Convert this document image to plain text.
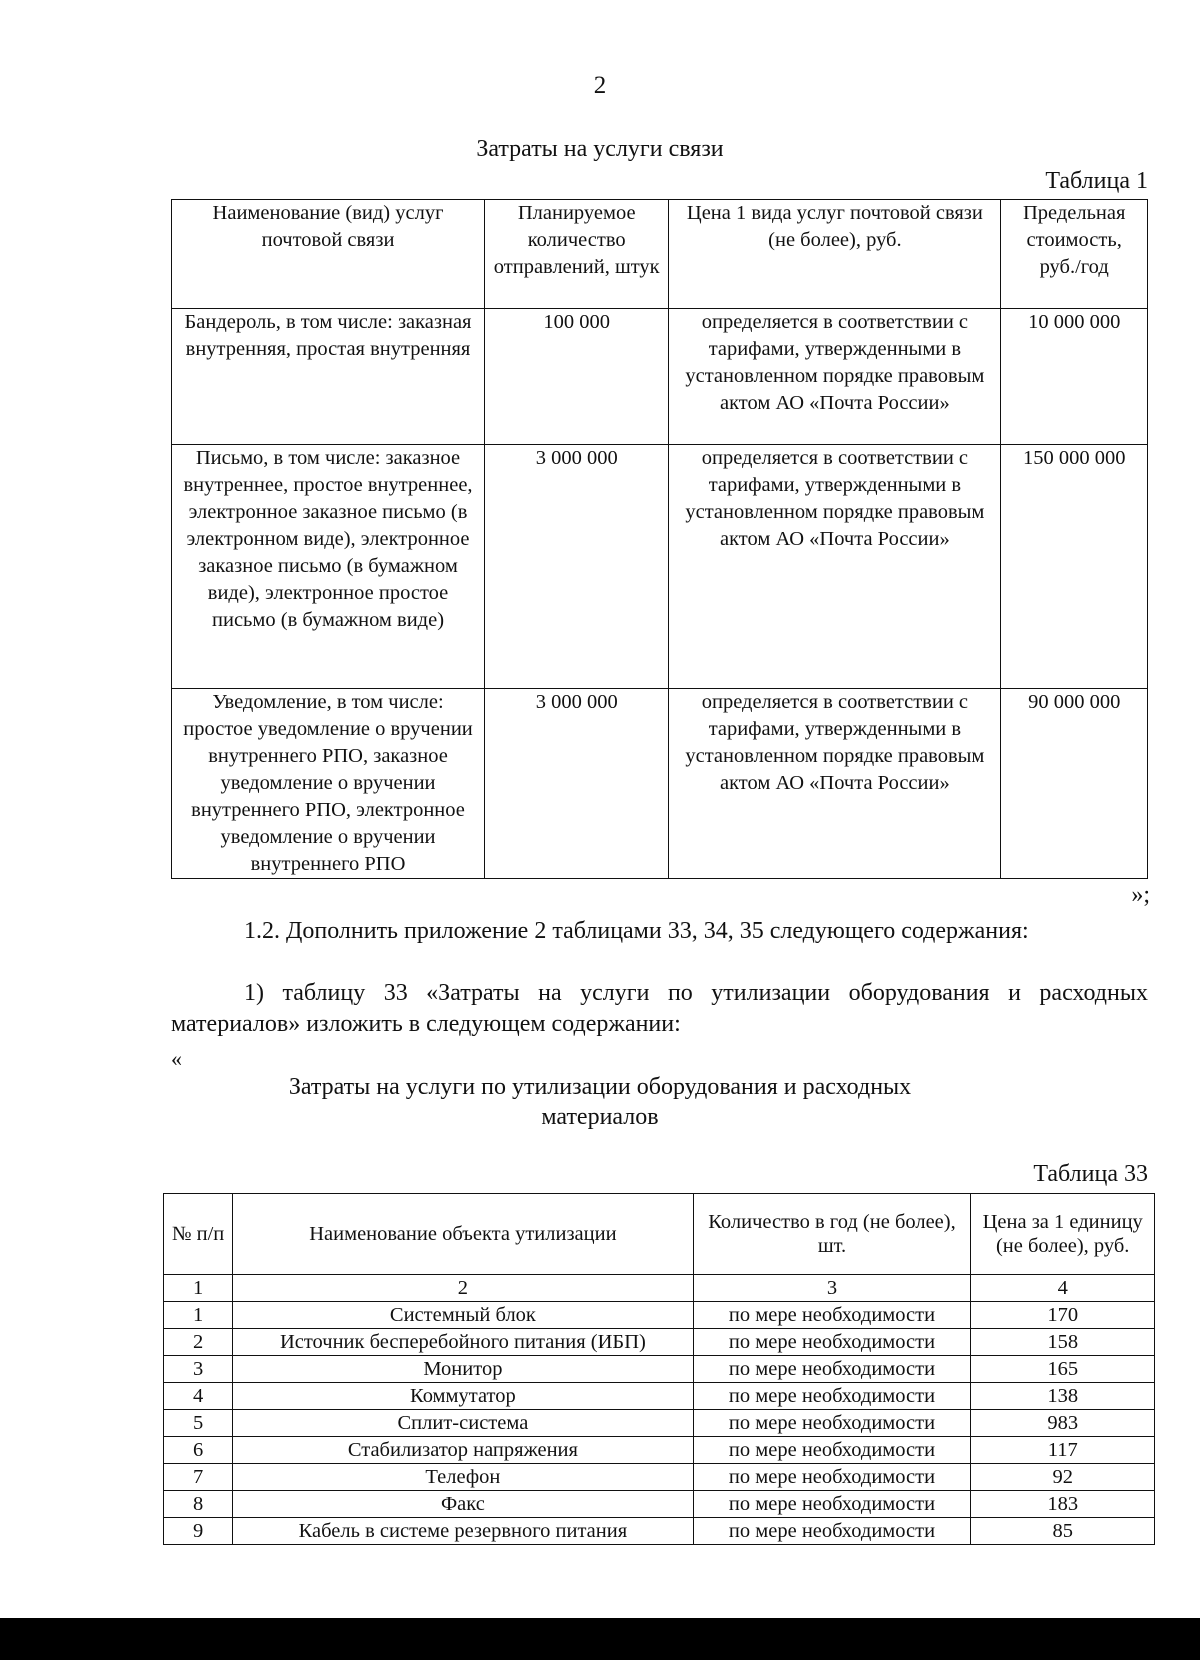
2
Затраты на услуги связи
Таблица 1
Наименование (вид) услуг почтовой связи	Планируемое количество отправлений, штук	Цена 1 вида услуг почтовой связи (не более), руб.	Предельная стоимость, руб./год
Бандероль, в том числе: заказная внутренняя, простая внутренняя	100 000	определяется в соответствии с тарифами, утвержденными в установленном порядке правовым актом АО «Почта России»	10 000 000
Письмо, в том числе: заказное внутреннее, простое внутреннее, электронное заказное письмо (в электронном виде), электронное заказное письмо (в бумажном виде), электронное простое письмо (в бумажном виде)	3 000 000	определяется в соответствии с тарифами, утвержденными в установленном порядке правовым актом АО «Почта России»	150 000 000
Уведомление, в том числе: простое уведомление о вручении внутреннего РПО, заказное уведомление о вручении внутреннего РПО, электронное уведомление о вручении внутреннего РПО	3 000 000	определяется в соответствии с тарифами, утвержденными в установленном порядке правовым актом АО «Почта России»	90 000 000
»;
1.2. Дополнить приложение 2 таблицами 33, 34, 35 следующего содержания:
1) таблицу 33 «Затраты на услуги по утилизации оборудования и расходных материалов» изложить в следующем содержании:
«
Затраты на услуги по утилизации оборудования и расходных
материалов
Таблица 33
№ п/п	Наименование объекта утилизации	Количество в год (не более), шт.	Цена за 1 единицу (не более), руб.
1	2	3	4
1	Системный блок	по мере необходимости	170
2	Источник бесперебойного питания (ИБП)	по мере необходимости	158
3	Монитор	по мере необходимости	165
4	Коммутатор	по мере необходимости	138
5	Сплит-система	по мере необходимости	983
6	Стабилизатор напряжения	по мере необходимости	117
7	Телефон	по мере необходимости	92
8	Факс	по мере необходимости	183
9	Кабель в системе резервного питания	по мере необходимости	85
